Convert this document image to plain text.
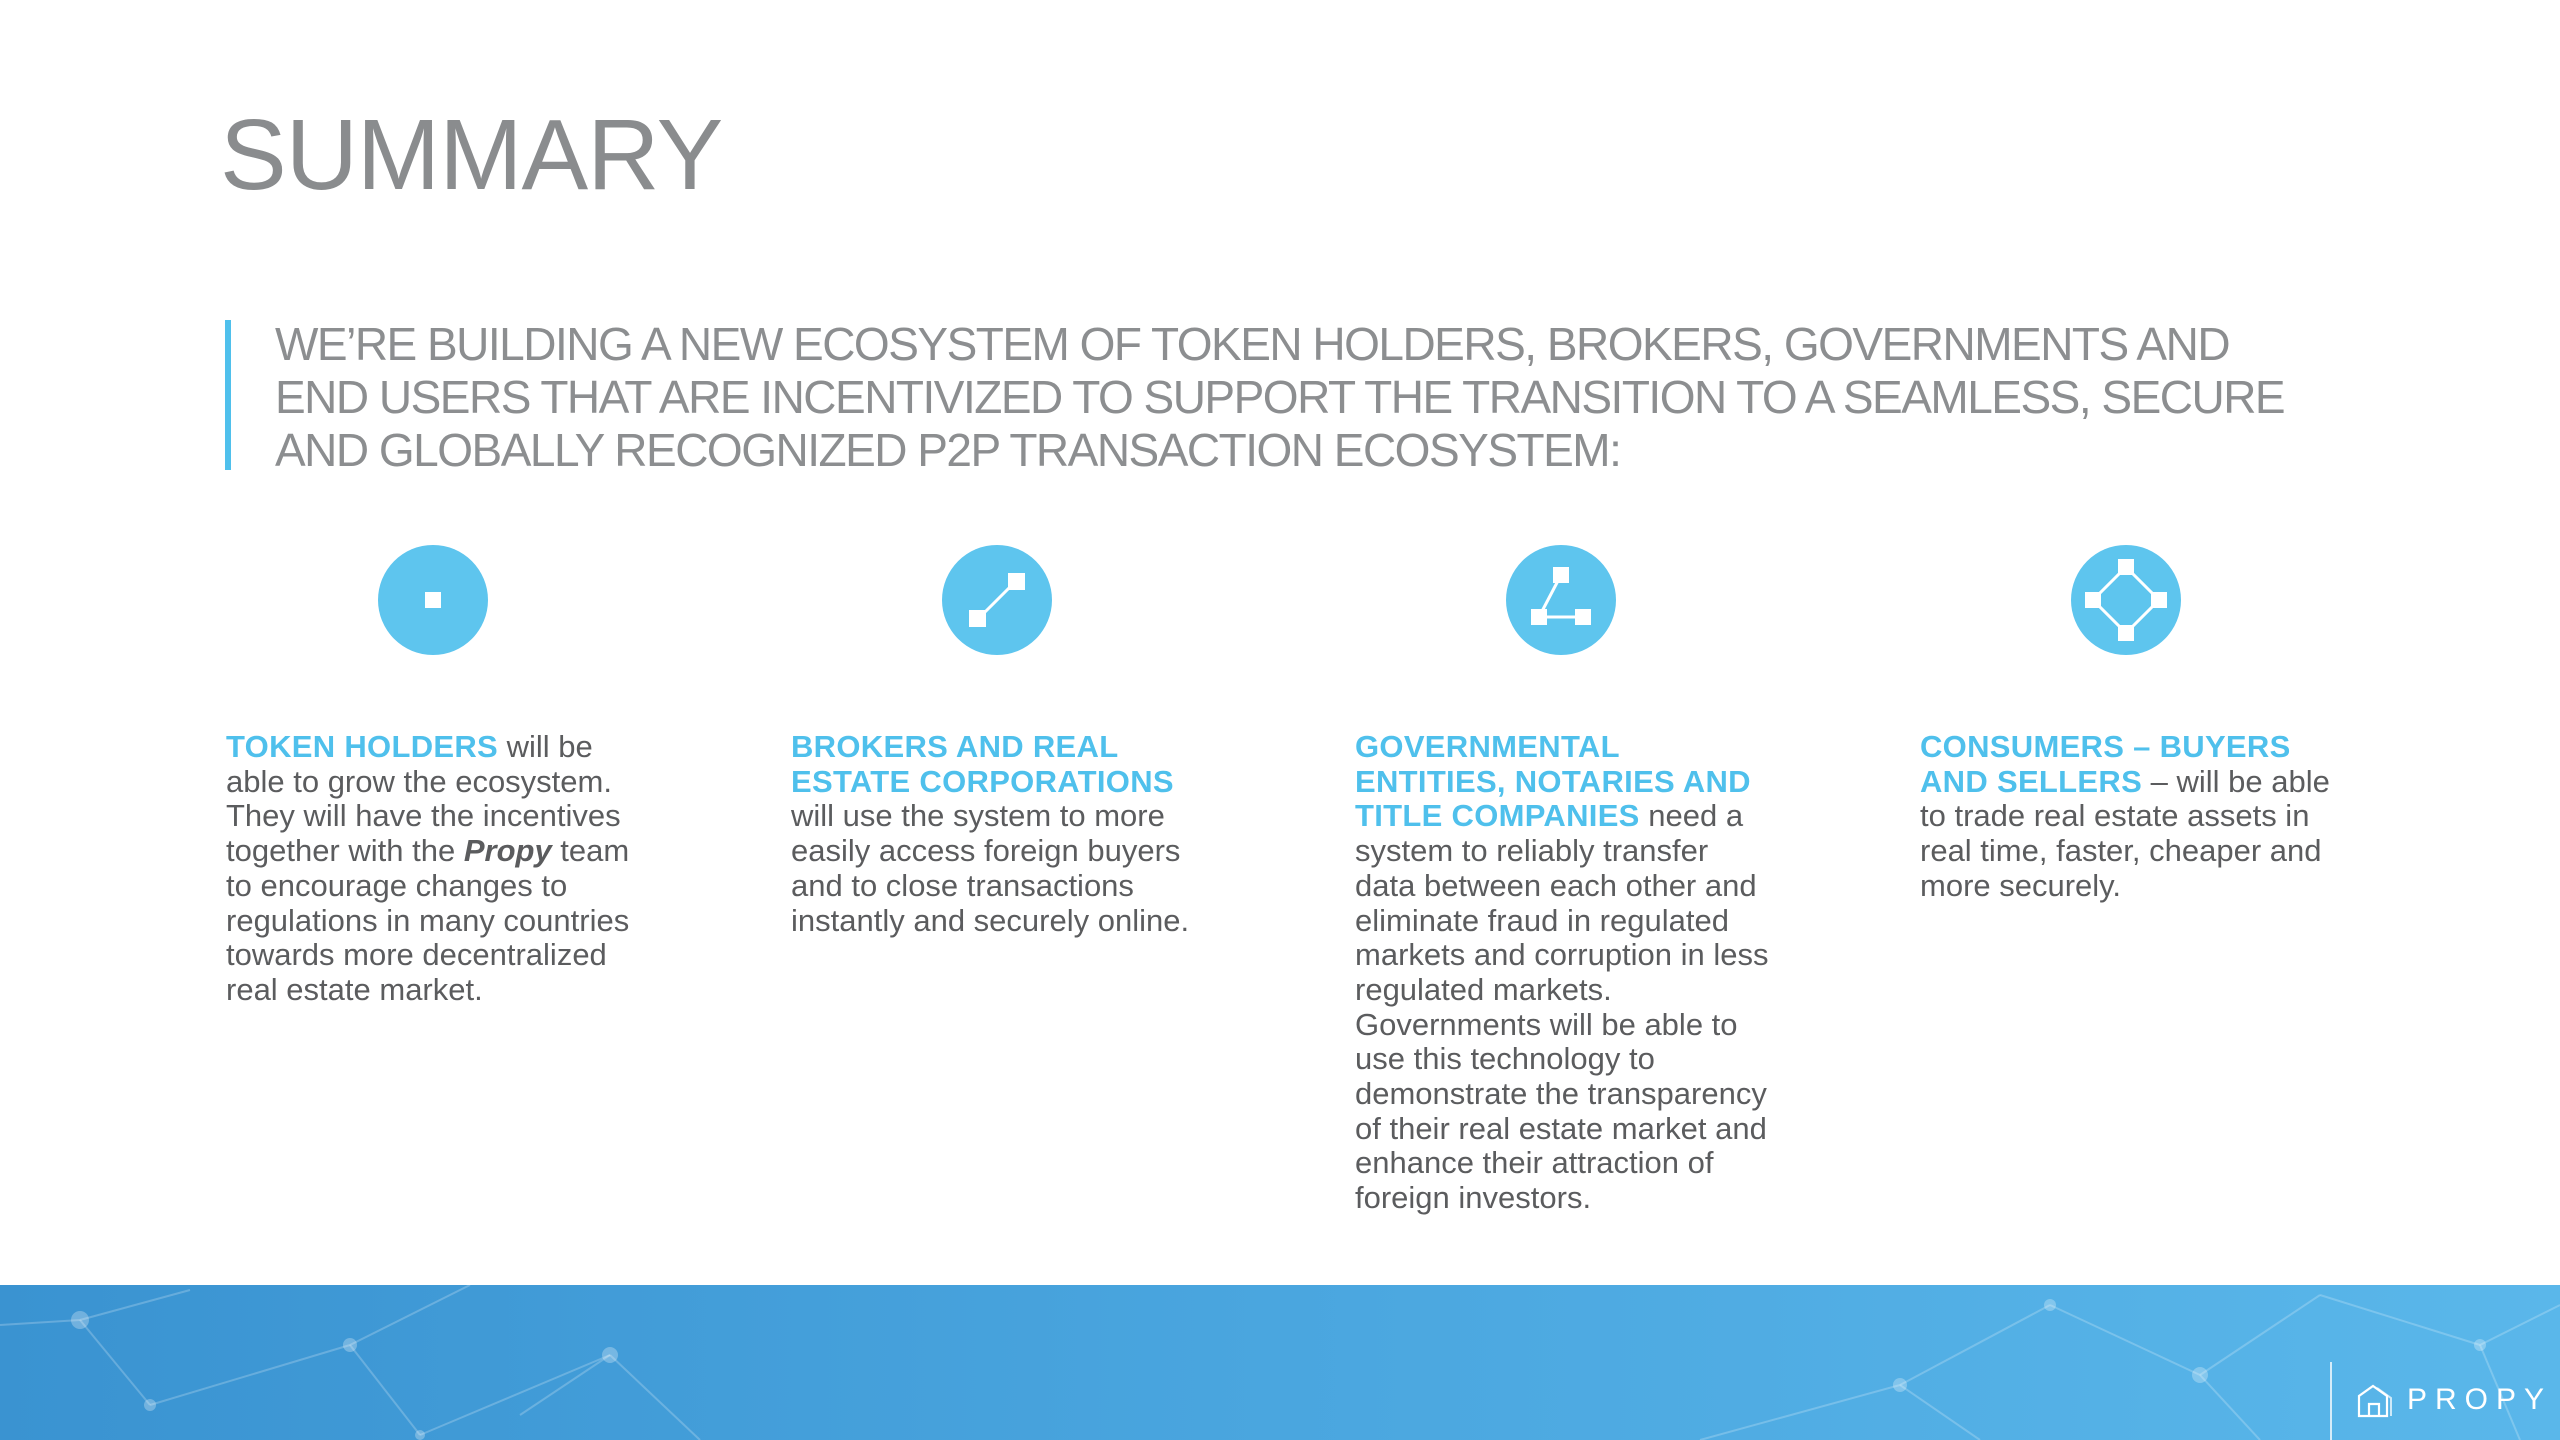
SUMMARY
WE’RE BUILDING A NEW ECOSYSTEM OF TOKEN HOLDERS, BROKERS, GOVERNMENTS AND END USERS THAT ARE INCENTIVIZED TO SUPPORT THE TRANSITION TO A SEAMLESS, SECURE AND GLOBALLY RECOGNIZED P2P TRANSACTION ECOSYSTEM:
TOKEN HOLDERS will be able to grow the ecosystem. They will have the incentives together with the Propy team to encourage changes to regulations in many countries towards more decentralized real estate market.
BROKERS AND REAL ESTATE CORPORATIONS will use the system to more easily access foreign buyers and to close transactions instantly and securely online.
GOVERNMENTAL ENTITIES, NOTARIES AND TITLE COMPANIES need a system to reliably transfer data between each other and eliminate fraud in regulated markets and corruption in less regulated markets. Governments will be able to use this technology to demonstrate the transparency of their real estate market and enhance their attraction of foreign investors.
CONSUMERS – BUYERS AND SELLERS – will be able to trade real estate assets in real time, faster, cheaper and more securely.
PROPY
